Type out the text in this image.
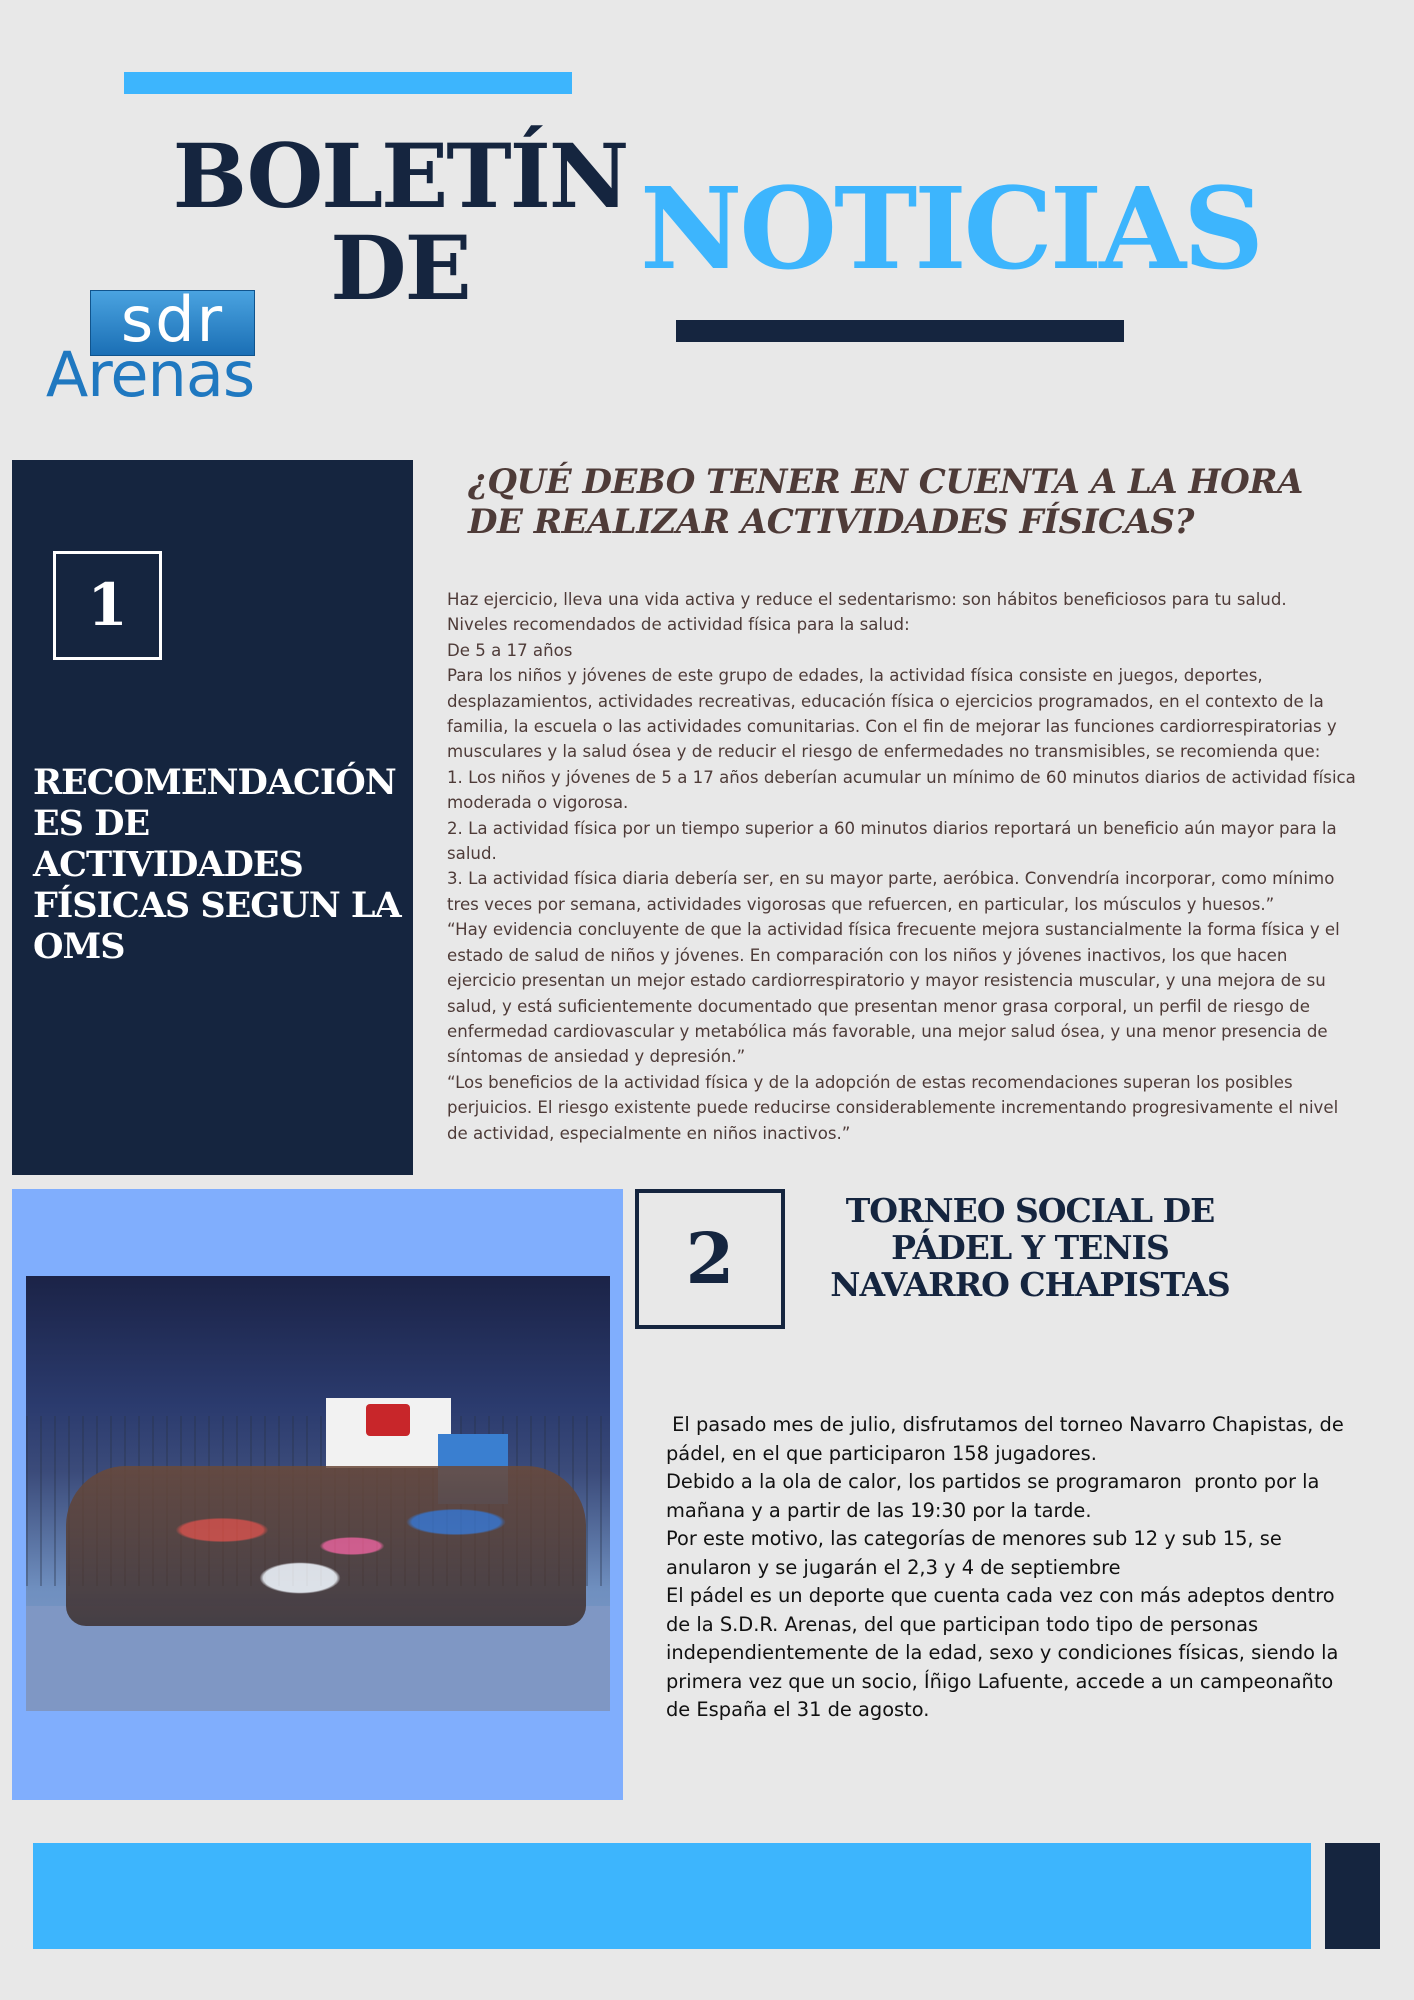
BOLETÍN
DE	NOTICIAS
sdr
Arenas
1
RECOMENDACIÓN ES DE ACTIVIDADES FÍSICAS SEGUN LA OMS
¿QUÉ DEBO TENER EN CUENTA A LA HORA
DE REALIZAR ACTIVIDADES FÍSICAS?

Haz ejercicio, lleva una vida activa y reduce el sedentarismo: son hábitos beneficiosos para tu salud.

Niveles recomendados de actividad física para la salud:

De 5 a 17 años

Para los niños y jóvenes de este grupo de edades, la actividad física consiste en juegos, deportes, desplazamientos, actividades recreativas, educación física o ejercicios programados, en el contexto de la familia, la escuela o las actividades comunitarias. Con el fin de mejorar las funciones cardiorrespiratorias y musculares y la salud ósea y de reducir el riesgo de enfermedades no transmisibles, se recomienda que:

1. Los niños y jóvenes de 5 a 17 años deberían acumular un mínimo de 60 minutos diarios de actividad física moderada o vigorosa.

2. La actividad física por un tiempo superior a 60 minutos diarios reportará un beneficio aún mayor para la salud.

3. La actividad física diaria debería ser, en su mayor parte, aeróbica. Convendría incorporar, como mínimo tres veces por semana, actividades vigorosas que refuercen, en particular, los músculos y huesos.”

“Hay evidencia concluyente de que la actividad física frecuente mejora sustancialmente la forma física y el estado de salud de niños y jóvenes. En comparación con los niños y jóvenes inactivos, los que hacen ejercicio presentan un mejor estado cardiorrespiratorio y mayor resistencia muscular, y una mejora de su salud, y está suficientemente documentado que presentan menor grasa corporal, un perfil de riesgo de enfermedad cardiovascular y metabólica más favorable, una mejor salud ósea, y una menor presencia de síntomas de ansiedad y depresión.”

“Los beneficios de la actividad física y de la adopción de estas recomendaciones superan los posibles perjuicios. El riesgo existente puede reducirse considerablemente incrementando progresivamente el nivel de actividad, especialmente en niños inactivos.”

2
TORNEO SOCIAL DE
PÁDEL Y TENIS
NAVARRO CHAPISTAS

El pasado mes de julio, disfrutamos del torneo Navarro Chapistas, de  pádel, en el que participaron 158 jugadores.

Debido a la ola de calor, los partidos se programaron  pronto por la mañana y a partir de las 19:30 por la tarde.

Por este motivo, las categorías de menores sub 12 y sub 15, se anularon y se jugarán el 2,3 y 4 de septiembre

El pádel es un deporte que cuenta cada vez con más adeptos dentro de la S.D.R. Arenas, del que participan todo tipo de personas independientemente de la edad, sexo y condiciones físicas, siendo la primera vez que un socio, Íñigo Lafuente, accede a un campeonañto de España el 31 de agosto.
